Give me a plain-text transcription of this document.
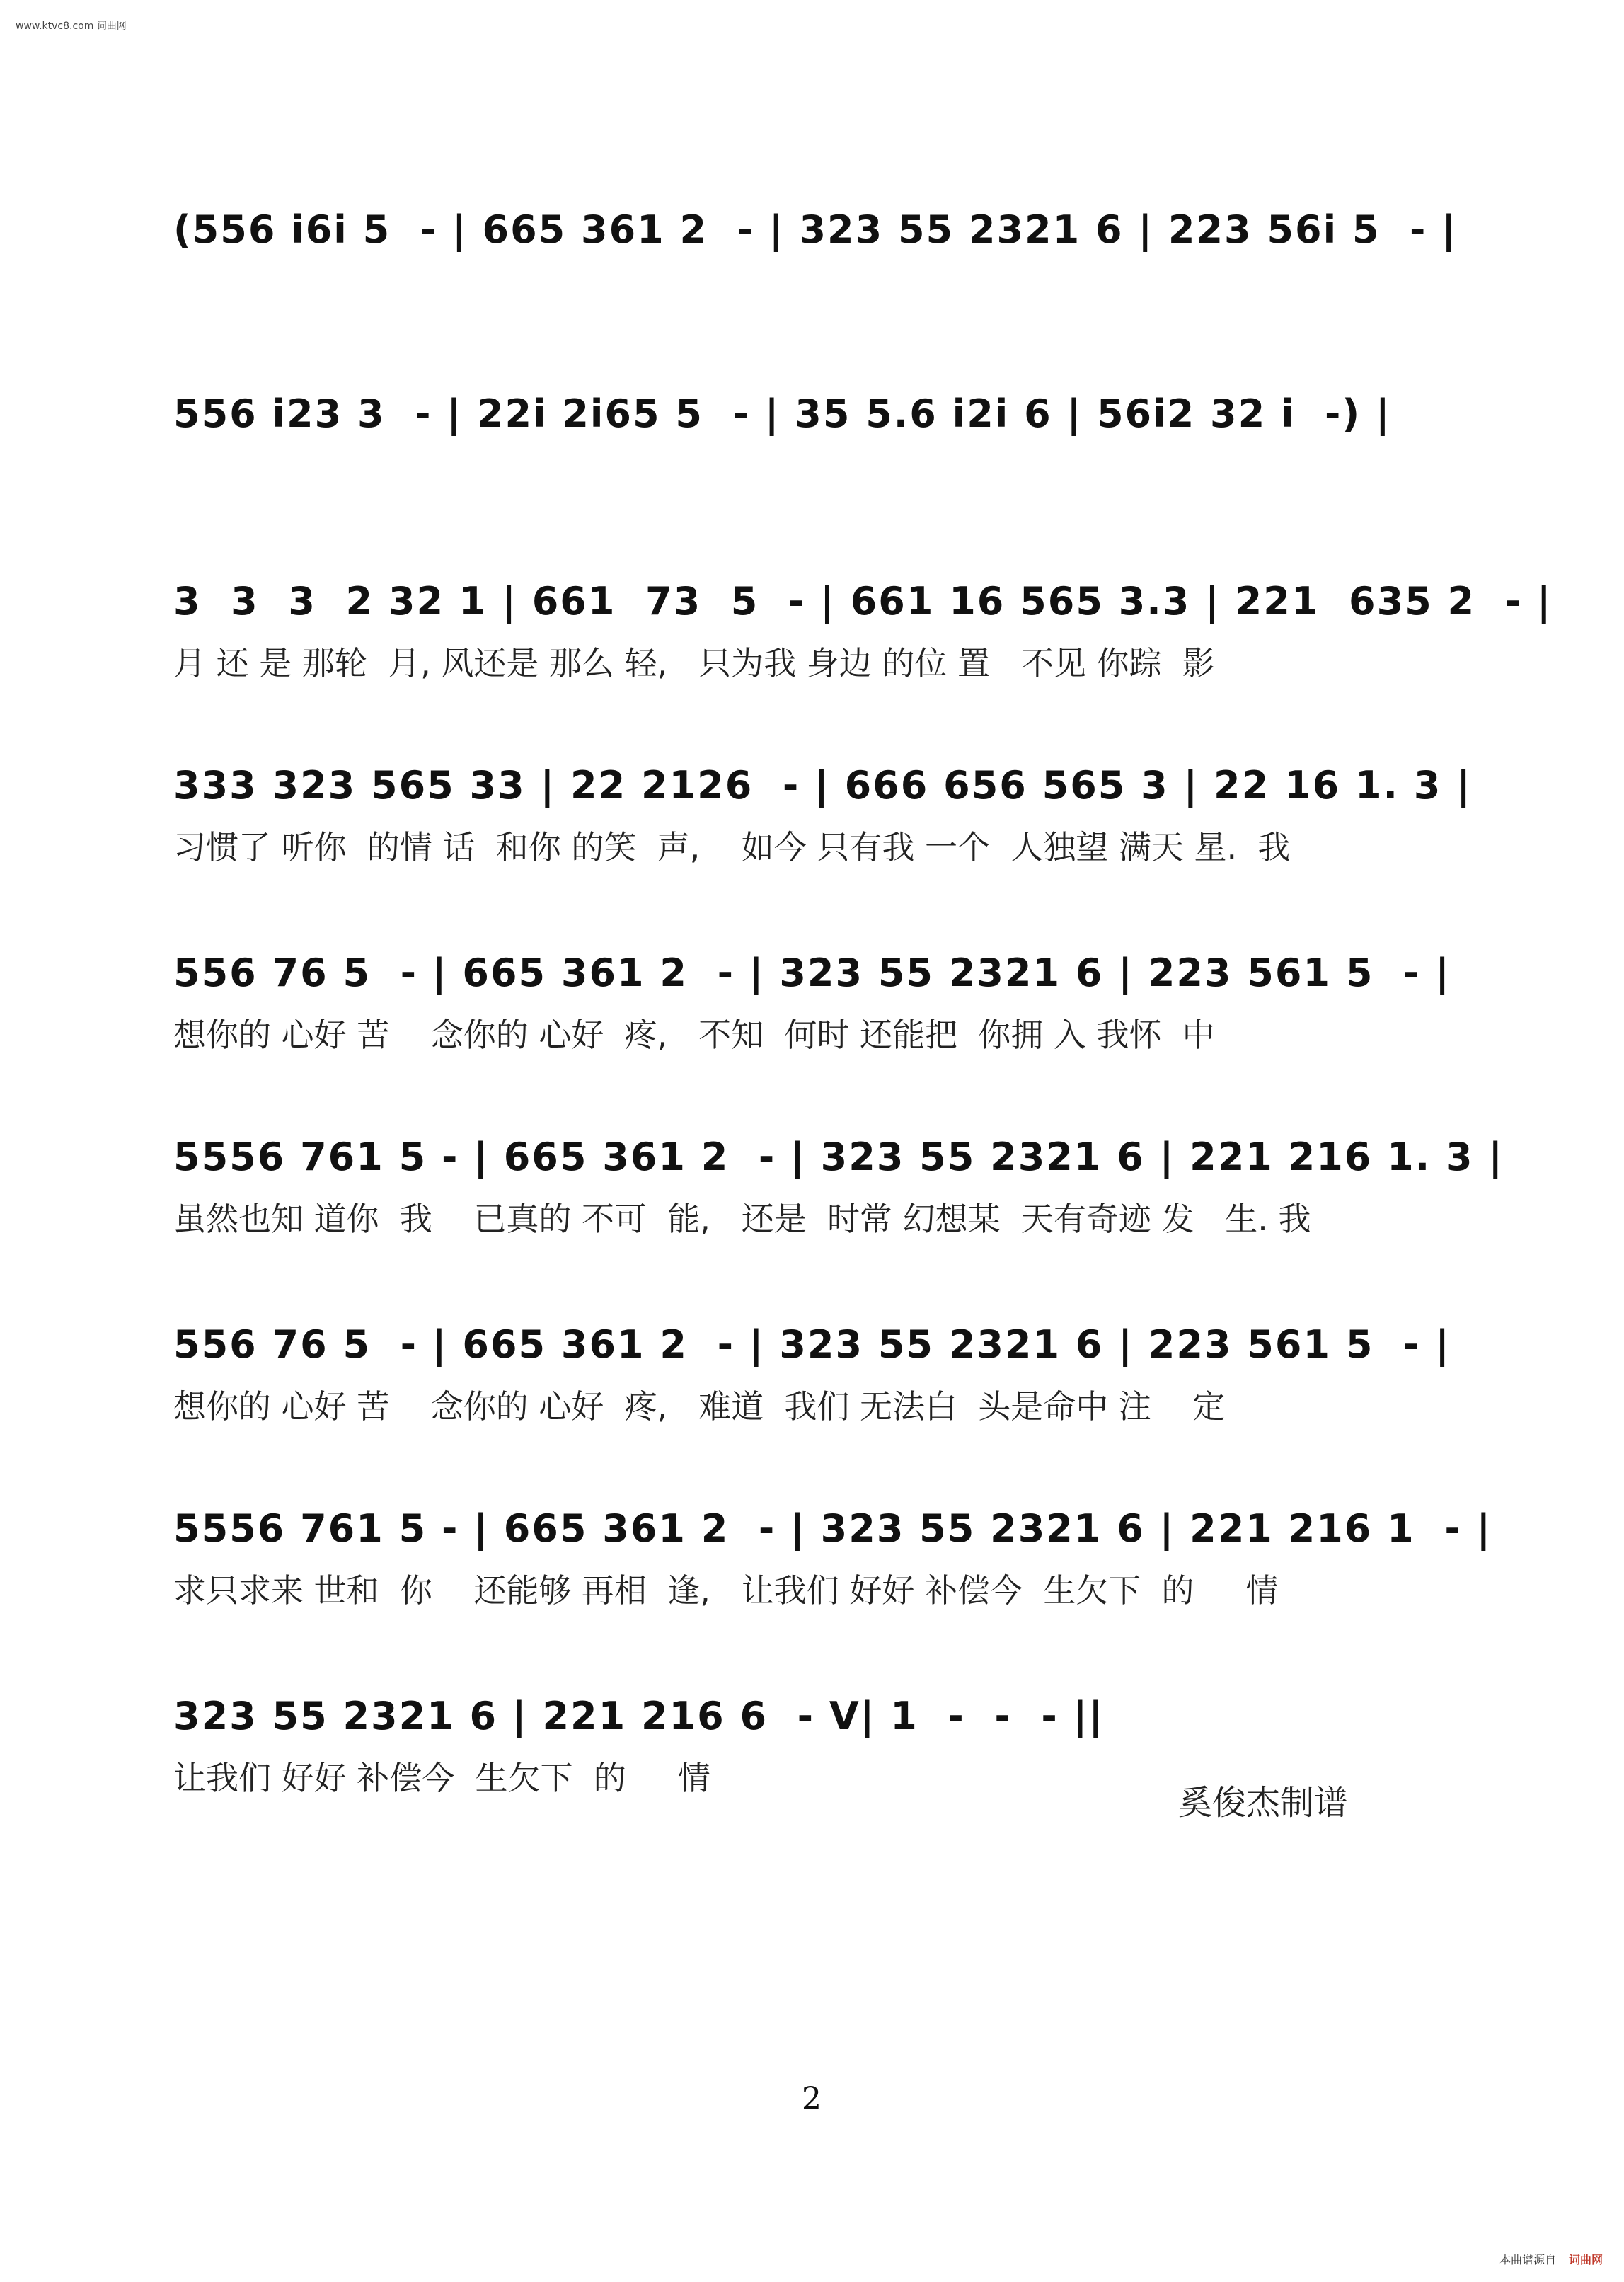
www.ktvc8.com 词曲网
(556 i6i 5  - | 665 361 2  - | 323 55 2321 6 | 223 56i 5  - |
556 i23 3  - | 22i 2i65 5  - | 35 5.6 i2i 6 | 56i2 32 i  -) |
3  3  3  2 32 1 | 661  73  5  - | 661 16 565 3.3 | 221  635 2  - |
月 还 是 那轮  月, 风还是 那么 轻,   只为我 身边 的位 置   不见 你踪  影
333 323 565 33 | 22 2126  - | 666 656 565 3 | 22 16 1. 3 |
习惯了 听你  的情 话  和你 的笑  声,    如今 只有我 一个  人独望 满天 星.  我
556 76 5  - | 665 361 2  - | 323 55 2321 6 | 223 561 5  - |
想你的 心好 苦    念你的 心好  疼,   不知  何时 还能把  你拥 入 我怀  中
5556 761 5 - | 665 361 2  - | 323 55 2321 6 | 221 216 1. 3 |
虽然也知 道你  我    已真的 不可  能,   还是  时常 幻想某  天有奇迹 发   生. 我
556 76 5  - | 665 361 2  - | 323 55 2321 6 | 223 561 5  - |
想你的 心好 苦    念你的 心好  疼,   难道  我们 无法白  头是命中 注    定
5556 761 5 - | 665 361 2  - | 323 55 2321 6 | 221 216 1  - |
求只求来 世和  你    还能够 再相  逢,   让我们 好好 补偿今  生欠下  的     情
323 55 2321 6 | 221 216 6  - V| 1  -  -  - ||
让我们 好好 补偿今  生欠下  的     情
奚俊杰制谱
2
本曲谱源自 词曲网
